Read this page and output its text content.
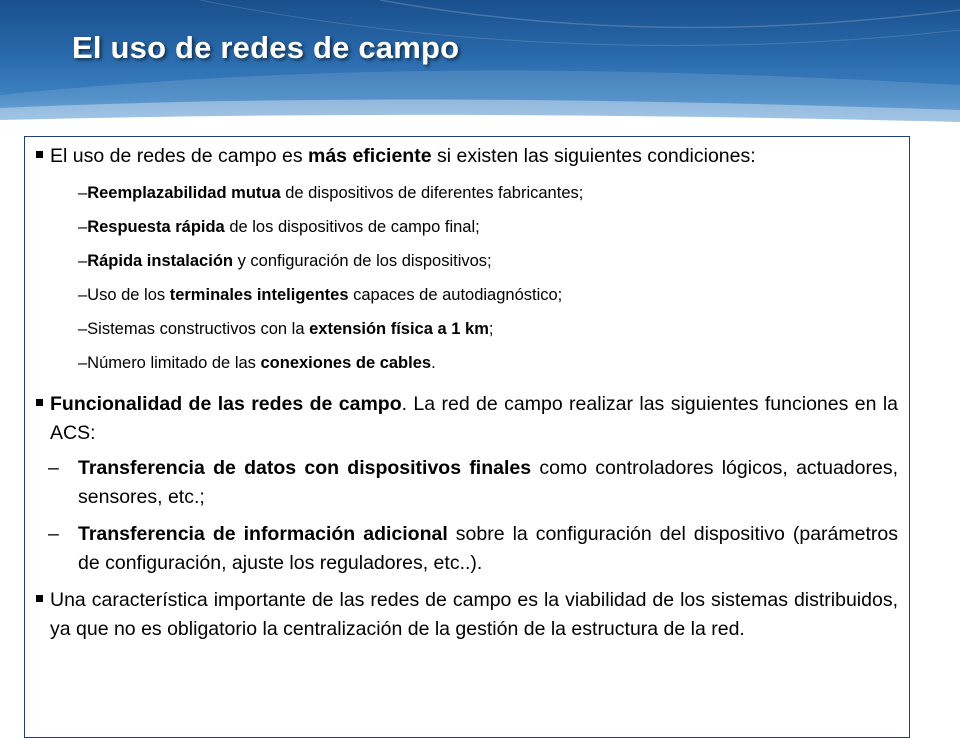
El uso de redes de campo

El uso de redes de campo es más eficiente si existen las siguientes condiciones:

–Reemplazabilidad mutua de dispositivos de diferentes fabricantes;

–Respuesta rápida de los dispositivos de campo final;

–Rápida instalación y configuración de los dispositivos;

–Uso de los terminales inteligentes capaces de autodiagnóstico;

–Sistemas constructivos con la extensión física a 1 km;

–Número limitado de las conexiones de cables.

Funcionalidad de las redes de campo. La red de campo realizar las siguientes funciones en la ACS:

– Transferencia de datos con dispositivos finales como controladores lógicos, actuadores, sensores, etc.;

– Transferencia de información adicional sobre la configuración del dispositivo (parámetros de configuración, ajuste los reguladores, etc..).

Una característica importante de las redes de campo es la viabilidad de los sistemas distribuidos, ya que no es obligatorio la centralización de la gestión de la estructura de la red.
